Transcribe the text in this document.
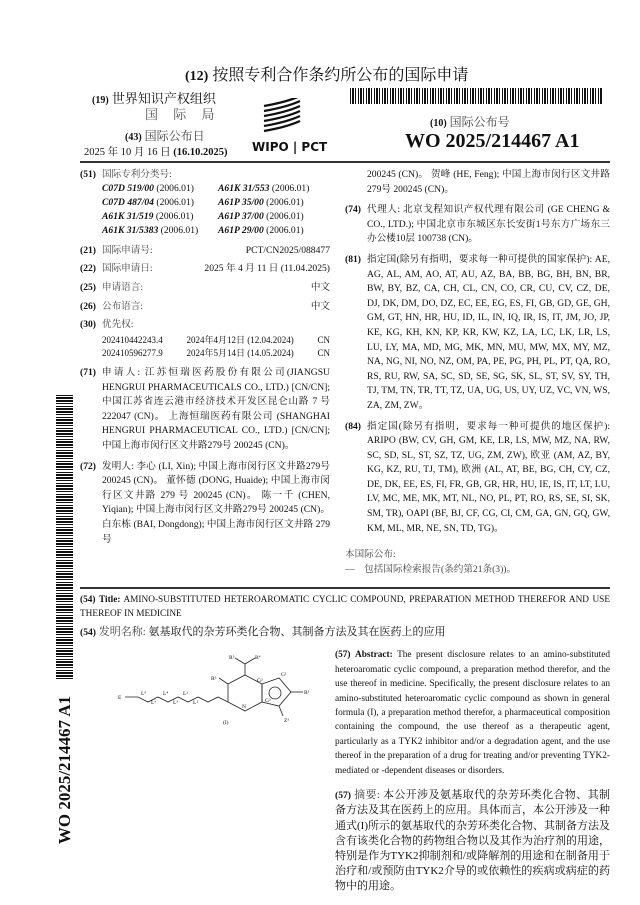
(12) 按照专利合作条约所公布的国际申请
(19) 世界知识产权组织
国 际 局
(43) 国际公布日
2025 年 10 月 16 日 (16.10.2025) WIPO | PCT
(10) 国际公布号
WO 2025/214467 A1
(51) 国际专利分类号:
C07D 519/00 (2006.01)	A61K 31/553 (2006.01)
C07D 487/04 (2006.01)	A61P 35/00 (2006.01)
A61K 31/519 (2006.01)	A61P 37/00 (2006.01)
A61K 31/5383 (2006.01)	A61P 29/00 (2006.01)
(21) 国际申请号:	PCT/CN2025/088477
(22) 国际申请日:	2025 年 4 月 11 日 (11.04.2025)
(25) 申请语言:	中文
(26) 公布语言:	中文
(30) 优先权:
202410442243.4	2024年4月12日 (12.04.2024)	CN
202410596277.9	2024年5月14日 (14.05.2024)	CN
(71) 申请人: 江苏恒瑞医药股份有限公司(JIANGSU HENGRUI PHARMACEUTICALS CO., LTD.) [CN/CN]; 中国江苏省连云港市经济技术开发区昆仑山路 7 号 222047 (CN)。 上海恒瑞医药有限公司 (SHANGHAI HENGRUI PHARMACEUTICAL CO., LTD.) [CN/CN]; 中国上海市闵行区文井路279号 200245 (CN)。
(72) 发明人: 李心 (LI, Xin); 中国上海市闵行区文井路279号 200245 (CN)。 董怀德 (DONG, Huaide); 中国上海市闵行区文井路 279 号 200245 (CN)。 陈一千 (CHEN, Yiqian); 中国上海市闵行区文井路279号 200245 (CN)。 白东栋 (BAI, Dongdong); 中国上海市闵行区文井路 279 号
200245 (CN)。 贺峰 (HE, Feng); 中国上海市闵行区文井路279号 200245 (CN)。
(74) 代理人: 北京戈程知识产权代理有限公司 (GE CHENG & CO., LTD.); 中国北京市东城区东长安街1号东方广场东三办公楼10层 100738 (CN)。
(81) 指定国(除另有指明，要求每一种可提供的国家保护): AE, AG, AL, AM, AO, AT, AU, AZ, BA, BB, BG, BH, BN, BR, BW, BY, BZ, CA, CH, CL, CN, CO, CR, CU, CV, CZ, DE, DJ, DK, DM, DO, DZ, EC, EE, EG, ES, FI, GB, GD, GE, GH, GM, GT, HN, HR, HU, ID, IL, IN, IQ, IR, IS, IT, JM, JO, JP, KE, KG, KH, KN, KP, KR, KW, KZ, LA, LC, LK, LR, LS, LU, LY, MA, MD, MG, MK, MN, MU, MW, MX, MY, MZ, NA, NG, NI, NO, NZ, OM, PA, PE, PG, PH, PL, PT, QA, RO, RS, RU, RW, SA, SC, SD, SE, SG, SK, SL, ST, SV, SY, TH, TJ, TM, TN, TR, TT, TZ, UA, UG, US, UY, UZ, VC, VN, WS, ZA, ZM, ZW。
(84) 指定国(除另有指明，要求每一种可提供的地区保护): ARIPO (BW, CV, GH, GM, KE, LR, LS, MW, MZ, NA, RW, SC, SD, SL, ST, SZ, TZ, UG, ZM, ZW), 欧亚 (AM, AZ, BY, KG, KZ, RU, TJ, TM), 欧洲 (AL, AT, BE, BG, CH, CY, CZ, DE, DK, EE, ES, FI, FR, GB, GR, HR, HU, IE, IS, IT, LT, LU, LV, MC, ME, MK, MT, NL, NO, PL, PT, RO, RS, SE, SI, SK, SM, TR), OAPI (BF, BJ, CF, CG, CI, CM, GA, GN, GQ, GW, KM, ML, MR, NE, SN, TD, TG)。
本国际公布:
—　包括国际检索报告(条约第21条(3))。
(54) Title: AMINO-SUBSTITUTED HETEROAROMATIC CYCLIC COMPOUND, PREPARATION METHOD THEREFOR AND USE THEREOF IN MEDICINE
(54) 发明名称: 氨基取代的杂芳环类化合物、其制备方法及其在医药上的应用
R⁵	R⁴
R⁶	G²
G¹
R³
N
G³
Z¹
E
L⁶
L⁵
L⁴
L³
L²
L¹
(I)
(57) Abstract: The present disclosure relates to an amino-substituted heteroaromatic cyclic compound, a preparation method therefor, and the use thereof in medicine. Specifically, the present disclosure relates to an amino-substituted heteroaromatic cyclic compound as shown in general formula (I), a preparation method therefor, a pharmaceutical composition containing the compound, the use thereof as a therapeutic agent, particularly as a TYK2 inhibitor and/or a degradation agent, and the use thereof in the preparation of a drug for treating and/or preventing TYK2-mediated or -dependent diseases or disorders.
(57) 摘要: 本公开涉及氨基取代的杂芳环类化合物、其制备方法及其在医药上的应用。具体而言，本公开涉及一种通式(I)所示的氨基取代的杂芳环类化合物、其制备方法及含有该类化合物的药物组合物以及其作为治疗剂的用途，特别是作为TYK2抑制剂和/或降解剂的用途和在制备用于治疗和/或预防由TYK2介导的或依赖性的疾病或病症的药物中的用途。
WO 2025/214467 A1
